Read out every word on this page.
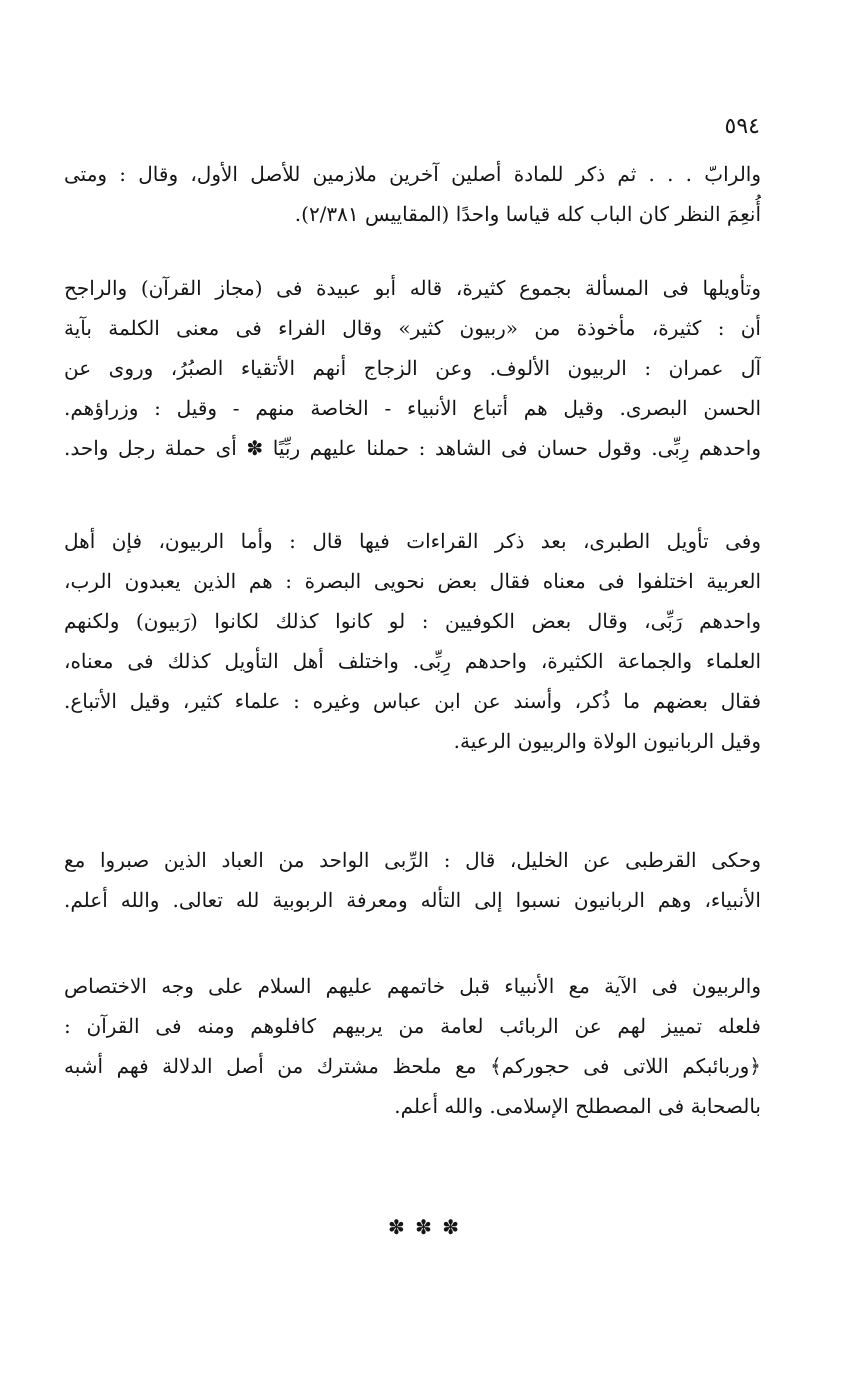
٥٩٤
والرابّ . . . ثم ذكر للمادة أصلين آخرين ملازمين للأصل الأول، وقال : ومتى
أُنعِمَ النظر كان الباب كله قياسا واحدًا (المقاييس ٢/٣٨١).
وتأويلها فى المسألة بجموع كثيرة، قاله أبو عبيدة فى (مجاز القرآن) والراجح
أن : كثيرة، مأخوذة من «ربيون كثير» وقال الفراء فى معنى الكلمة بآية
آل عمران : الربيون الألوف. وعن الزجاج أنهم الأتقياء الصبُرُ، وروى عن
الحسن البصرى. وقيل هم أتباع الأنبياء - الخاصة منهم - وقيل : وزراؤهم.
واحدهم رِبِّى. وقول حسان فى الشاهد : حملنا عليهم ربِّيًا ✽ أى حملة رجل واحد.
وفى تأويل الطبرى، بعد ذكر القراءات فيها قال : وأما الربيون، فإن أهل
العربية اختلفوا فى معناه فقال بعض نحويى البصرة : هم الذين يعبدون الرب،
واحدهم رَبِّى، وقال بعض الكوفيين : لو كانوا كذلك لكانوا (رَبيون) ولكنهم
العلماء والجماعة الكثيرة، واحدهم رِبِّى. واختلف أهل التأويل كذلك فى معناه،
فقال بعضهم ما ذُكر، وأسند عن ابن عباس وغيره : علماء كثير، وقيل الأتباع.
وقيل الربانيون الولاة والربيون الرعية.
وحكى القرطبى عن الخليل، قال : الرِّبى الواحد من العباد الذين صبروا مع
الأنبياء، وهم الربانيون نسبوا إلى التأله ومعرفة الربوبية لله تعالى. والله أعلم.
والربيون فى الآية مع الأنبياء قبل خاتمهم عليهم السلام على وجه الاختصاص
فلعله تمييز لهم عن الربائب لعامة من يربيهم كافلوهم ومنه فى القرآن :
﴿وربائبكم اللاتى فى حجوركم﴾ مع ملحظ مشترك من أصل الدلالة فهم أشبه
بالصحابة فى المصطلح الإسلامى. والله أعلم.
✽ ✽ ✽
